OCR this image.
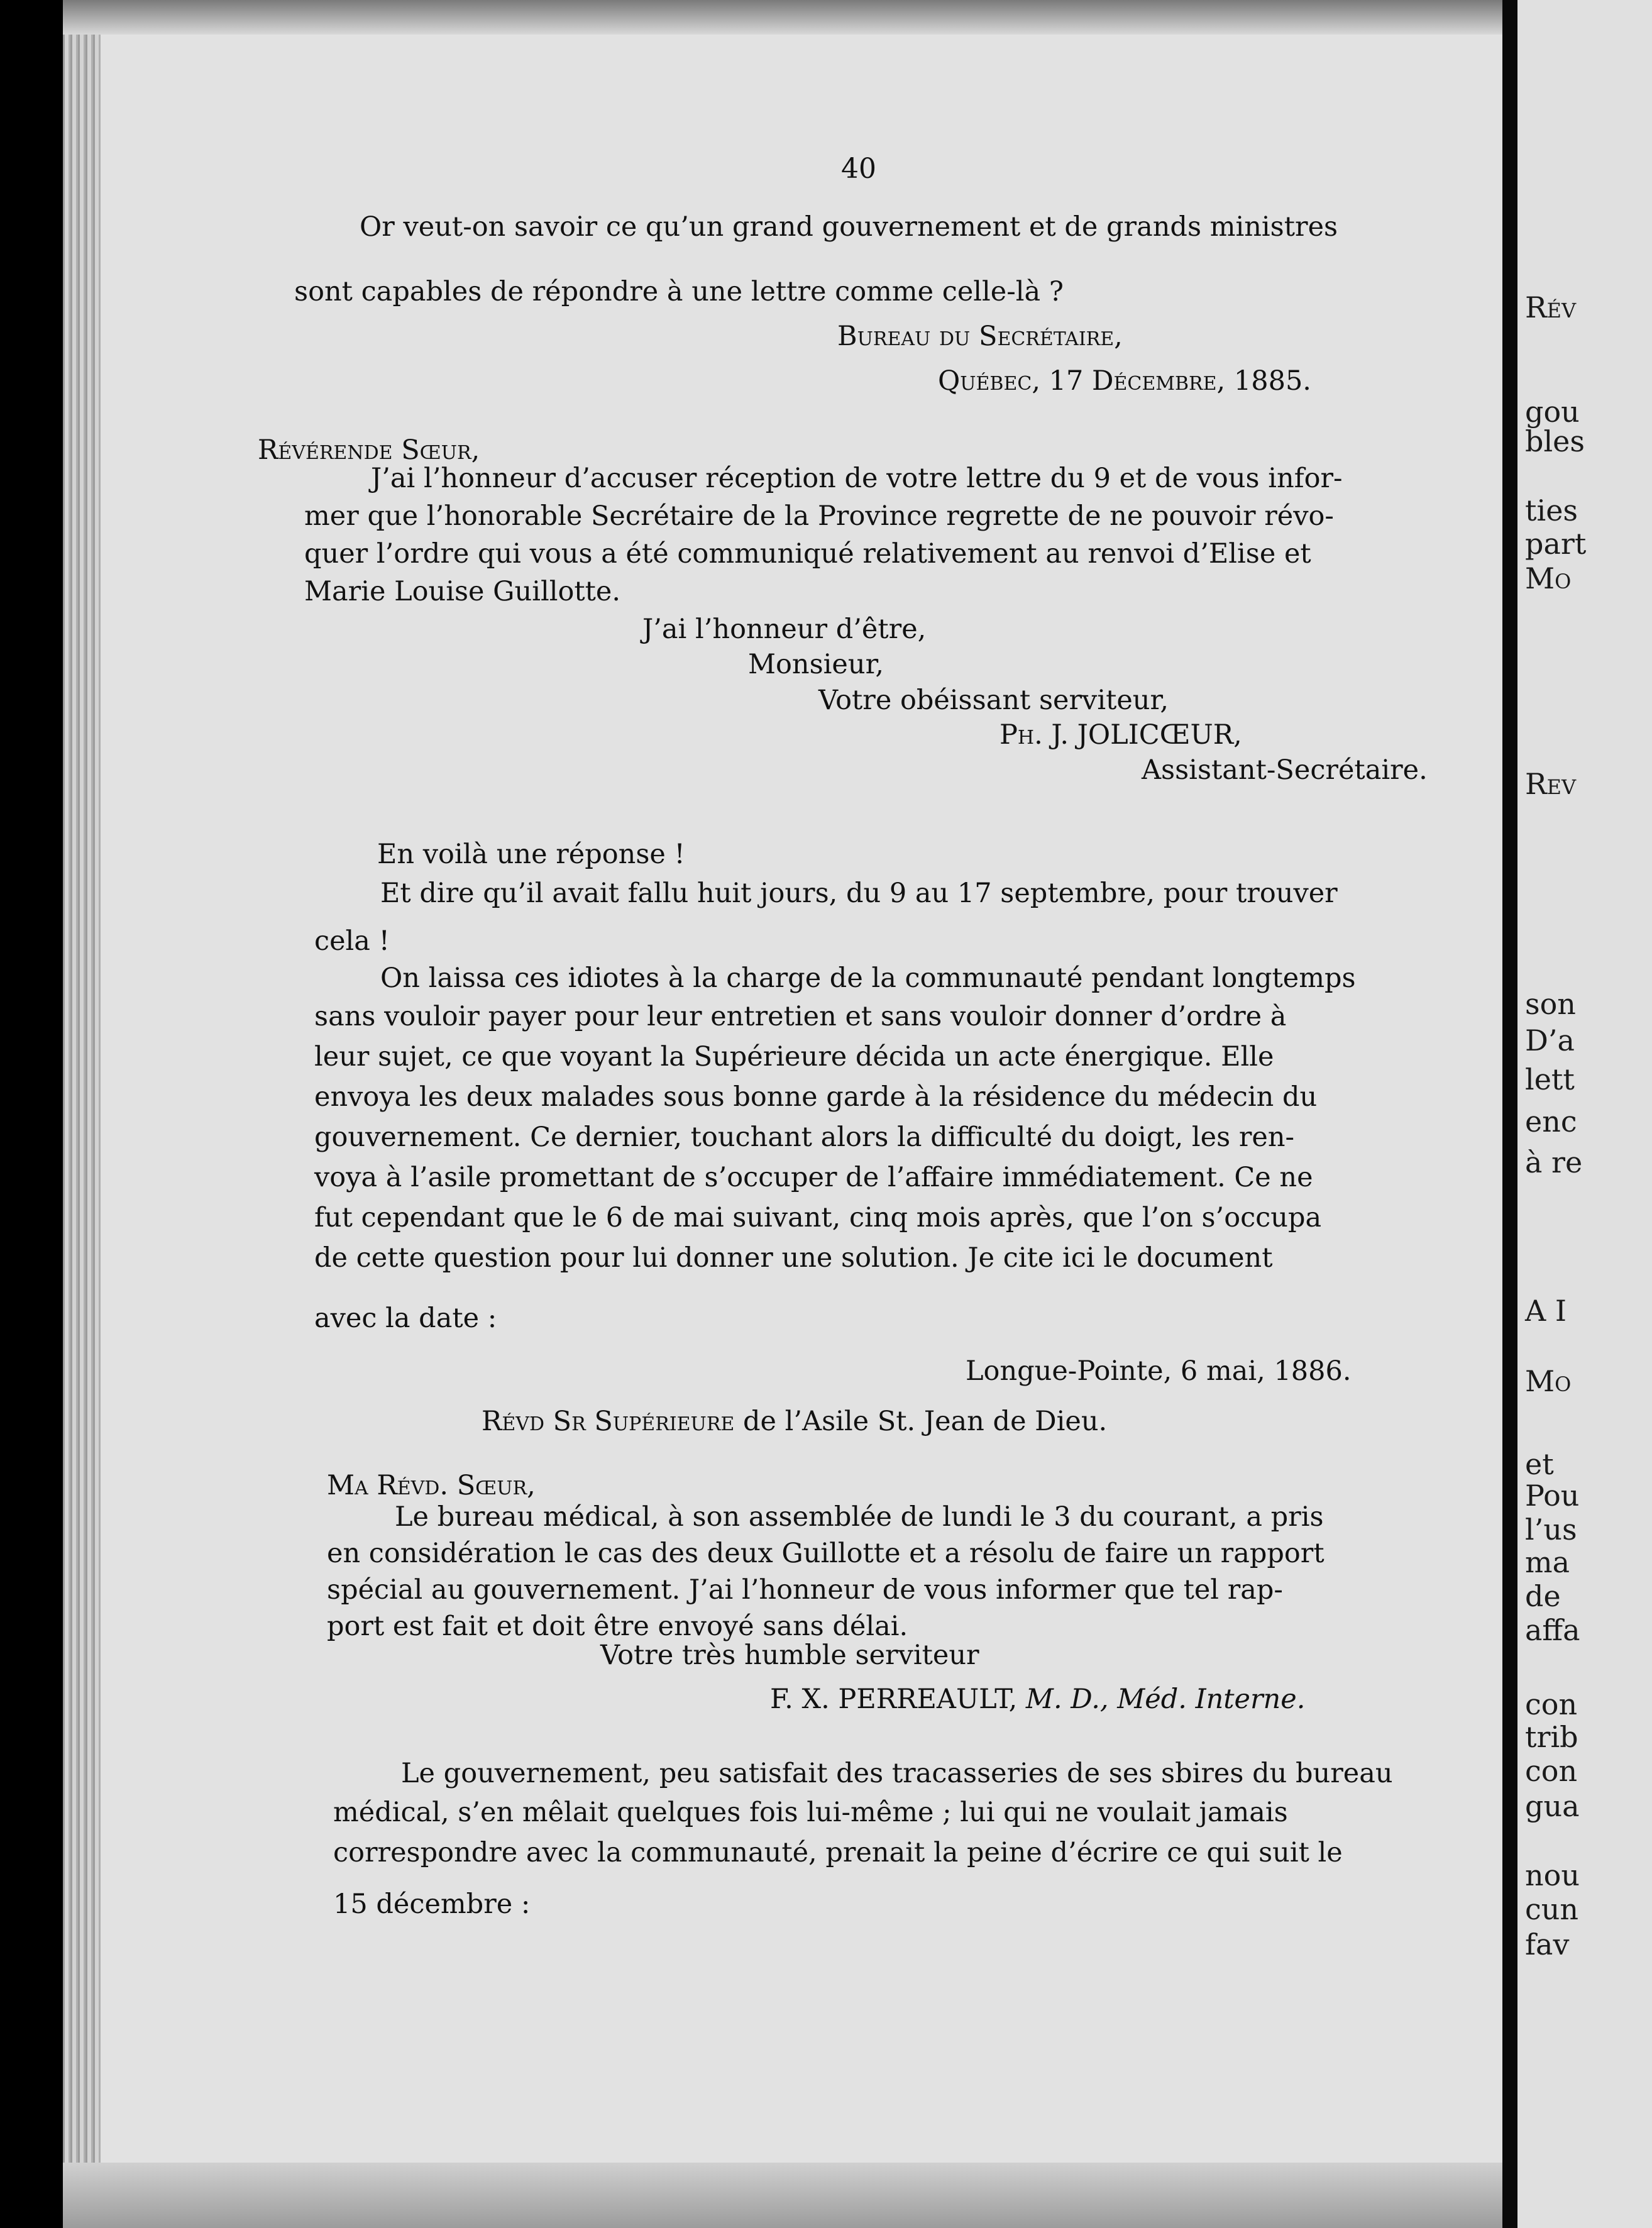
40
Or veut-on savoir ce qu’un grand gouvernement et de grands ministres
sont capables de répondre à une lettre comme celle-là ?
Bureau du Secrétaire,
Québec, 17 Décembre, 1885.
Révérende Sœur,
J’ai l’honneur d’accuser réception de votre lettre du 9 et de vous infor-
mer que l’honorable Secrétaire de la Province regrette de ne pouvoir révo-
quer l’ordre qui vous a été communiqué relativement au renvoi d’Elise et
Marie Louise Guillotte.
J’ai l’honneur d’être,
Monsieur,
Votre obéissant serviteur,
Ph. J. JOLICŒUR,
Assistant-Secrétaire.
En voilà une réponse !
Et dire qu’il avait fallu huit jours, du 9 au 17 septembre, pour trouver
cela !
On laissa ces idiotes à la charge de la communauté pendant longtemps
sans vouloir payer pour leur entretien et sans vouloir donner d’ordre à
leur sujet, ce que voyant la Supérieure décida un acte énergique. Elle
envoya les deux malades sous bonne garde à la résidence du médecin du
gouvernement. Ce dernier, touchant alors la difficulté du doigt, les ren-
voya à l’asile promettant de s’occuper de l’affaire immédiatement. Ce ne
fut cependant que le 6 de mai suivant, cinq mois après, que l’on s’occupa
de cette question pour lui donner une solution. Je cite ici le document
avec la date :
Longue-Pointe, 6 mai, 1886.
Révd Sr Supérieure de l’Asile St. Jean de Dieu.
Ma Révd. Sœur,
Le bureau médical, à son assemblée de lundi le 3 du courant, a pris
en considération le cas des deux Guillotte et a résolu de faire un rapport
spécial au gouvernement. J’ai l’honneur de vous informer que tel rap-
port est fait et doit être envoyé sans délai.
Votre très humble serviteur
F. X. PERREAULT, M. D., Méd. Interne.
Le gouvernement, peu satisfait des tracasseries de ses sbires du bureau
médical, s’en mêlait quelques fois lui-même ; lui qui ne voulait jamais
correspondre avec la communauté, prenait la peine d’écrire ce qui suit le
15 décembre :
Rév
gou
bles
ties
part
Mo
Rev
son
D’a
lett
enc
à re
A I
Mo
et
Pou
l’us
ma
de
affa
con
trib
con
gua
nou
cun
fav
